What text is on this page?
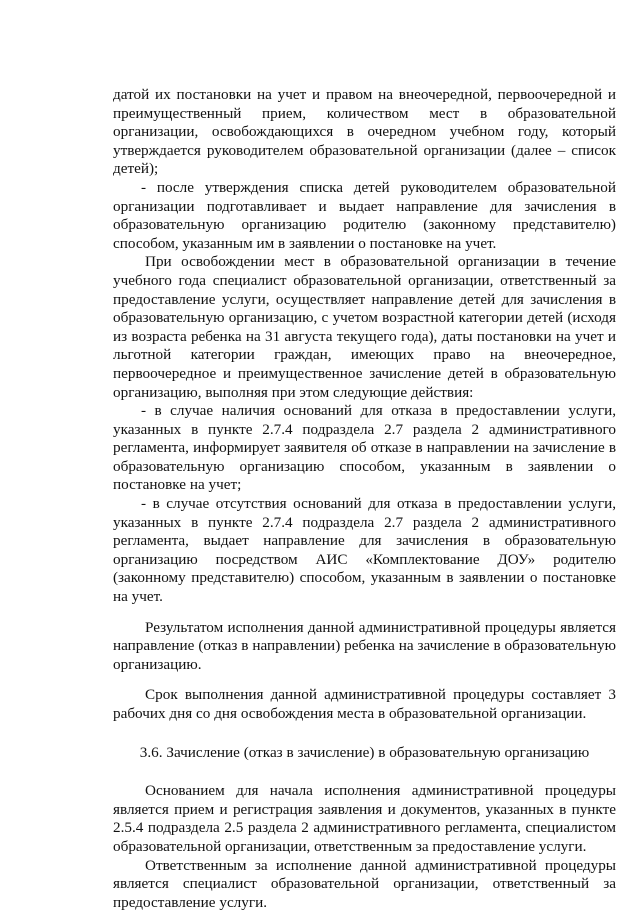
датой их постановки на учет и правом на внеочередной, первоочередной и преимущественный прием, количеством мест в образовательной организации, освобождающихся в очередном учебном году, который утверждается руководителем образовательной организации (далее – список детей);

- после утверждения списка детей руководителем образовательной организации подготавливает и выдает направление для зачисления в образовательную организацию родителю (законному представителю) способом, указанным им в заявлении о постановке на учет.

При освобождении мест в образовательной организации в течение учебного года специалист образовательной организации, ответственный за предоставление услуги, осуществляет направление детей для зачисления в образовательную организацию, с учетом возрастной категории детей (исходя из возраста ребенка на 31 августа текущего года), даты постановки на учет и льготной категории граждан, имеющих право на внеочередное, первоочередное и преимущественное зачисление детей в образовательную организацию, выполняя при этом следующие действия:

- в случае наличия оснований для отказа в предоставлении услуги, указанных в пункте 2.7.4 подраздела 2.7 раздела 2 административного регламента, информирует заявителя об отказе в направлении на зачисление в образовательную организацию способом, указанным в заявлении о постановке на учет;

- в случае отсутствия оснований для отказа в предоставлении услуги, указанных в пункте 2.7.4 подраздела 2.7 раздела 2 административного регламента, выдает направление для зачисления в образовательную организацию посредством АИС «Комплектование ДОУ» родителю (законному представителю) способом, указанным в заявлении о постановке на учет.

Результатом исполнения данной административной процедуры является направление (отказ в направлении) ребенка на зачисление в образовательную организацию.

Срок выполнения данной административной процедуры составляет 3 рабочих дня со дня освобождения места в образовательной организации.

3.6. Зачисление (отказ в зачисление) в образовательную организацию

Основанием для начала исполнения административной процедуры является прием и регистрация заявления и документов, указанных в пункте 2.5.4 подраздела 2.5 раздела 2 административного регламента, специалистом образовательной организации, ответственным за предоставление услуги.

Ответственным за исполнение данной административной процедуры является специалист образовательной организации, ответственный за предоставление услуги.
